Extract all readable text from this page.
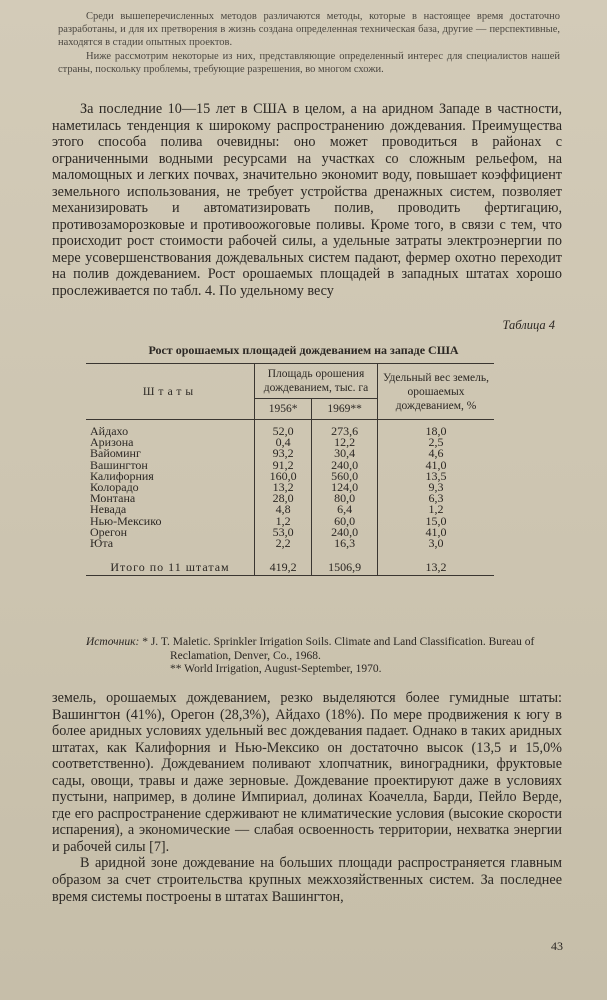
Среди вышеперечисленных методов различаются методы, которые в настоящее время достаточно разработаны, и для их претворения в жизнь создана определенная техническая база, другие — перспективные, находятся в стадии опытных проектов.

Ниже рассмотрим некоторые из них, представляющие определенный интерес для специалистов нашей страны, поскольку проблемы, требующие разрешения, во многом схожи.

За последние 10—15 лет в США в целом, а на аридном Западе в частности, наметилась тенденция к широкому распространению дождевания. Преимущества этого способа полива очевидны: оно может проводиться в районах с ограниченными водными ресурсами на участках со сложным рельефом, на маломощных и легких почвах, значительно экономит воду, повышает коэффициент земельного использования, не требует устройства дренажных систем, позволяет механизировать и автоматизировать полив, проводить фертигацию, противозаморозковые и противоожоговые поливы. Кроме того, в связи с тем, что происходит рост стоимости рабочей силы, а удельные затраты электроэнергии по мере усовершенствования дождевальных систем падают, фермер охотно переходит на полив дождеванием. Рост орошаемых площадей в западных штатах хорошо прослеживается по табл. 4. По удельному весу

Таблица 4
Рост орошаемых площадей дождеванием на западе США
Штаты	Площадь орошения дождеванием, тыс. га		Удельный вес земель, орошаемых дождеванием, %
	1956*	1969**	
Айдахо	52,0	273,6	18,0
Аризона	0,4	12,2	2,5
Вайоминг	93,2	30,4	4,6
Вашингтон	91,2	240,0	41,0
Калифорния	160,0	560,0	13,5
Колорадо	13,2	124,0	9,3
Монтана	28,0	80,0	6,3
Невада	4,8	6,4	1,2
Нью-Мексико	1,2	60,0	15,0
Орегон	53,0	240,0	41,0
Юта	2,2	16,3	3,0
Итого по 11 штатам	419,2	1506,9	13,2
Источник: * J. T. Maletic. Sprinkler Irrigation Soils. Climate and Land Classification. Bureau of Reclamation, Denver, Co., 1968.
** World Irrigation, August-September, 1970.

земель, орошаемых дождеванием, резко выделяются более гумидные штаты: Вашингтон (41%), Орегон (28,3%), Айдахо (18%). По мере продвижения к югу в более аридных условиях удельный вес дождевания падает. Однако в таких аридных штатах, как Калифорния и Нью-Мексико он достаточно высок (13,5 и 15,0% соответственно). Дождеванием поливают хлопчатник, виноградники, фруктовые сады, овощи, травы и даже зерновые. Дождевание проектируют даже в условиях пустыни, например, в долине Импириал, долинах Коачелла, Барди, Пейло Верде, где его распространение сдерживают не климатические условия (высокие скорости испарения), а экономические — слабая освоенность территории, нехватка энергии и рабочей силы [7].

В аридной зоне дождевание на больших площади распространяется главным образом за счет строительства крупных межхозяйственных систем. За последнее время системы построены в штатах Вашингтон,

43
